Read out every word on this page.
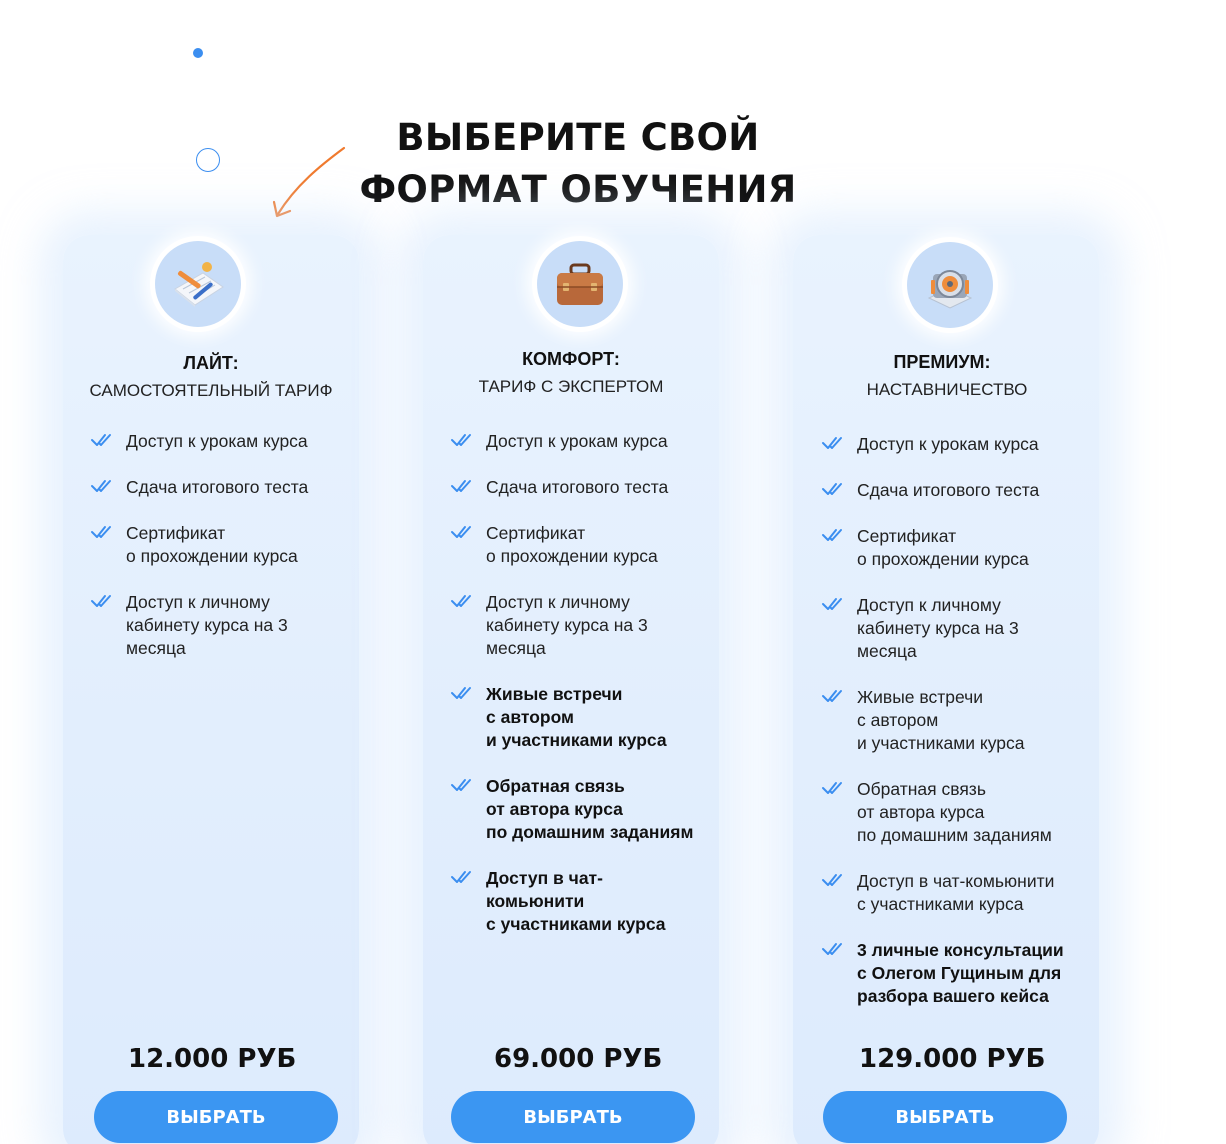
ВЫБЕРИТЕ СВОЙ
ФОРМАТ ОБУЧЕНИЯ
ЛАЙТ:
САМОСТОЯТЕЛЬНЫЙ ТАРИФ
Доступ к урокам курса
Сдача итогового теста
Сертификат
о прохождении курса
Доступ к личному
кабинету курса на 3
месяца
12.000 РУБ
ВЫБРАТЬ
КОМФОРТ:
ТАРИФ С ЭКСПЕРТОМ
Доступ к урокам курса
Сдача итогового теста
Сертификат
о прохождении курса
Доступ к личному
кабинету курса на 3
месяца
Живые встречи
с автором
и участниками курса
Обратная связь
от автора курса
по домашним заданиям
Доступ в чат-
комьюнити
с участниками курса
69.000 РУБ
ВЫБРАТЬ
ПРЕМИУМ:
НАСТАВНИЧЕСТВО
Доступ к урокам курса
Сдача итогового теста
Сертификат
о прохождении курса
Доступ к личному
кабинету курса на 3
месяца
Живые встречи
с автором
и участниками курса
Обратная связь
от автора курса
по домашним заданиям
Доступ в чат-комьюнити
с участниками курса
3 личные консультации
с Олегом Гущиным для
разбора вашего кейса
129.000 РУБ
ВЫБРАТЬ
